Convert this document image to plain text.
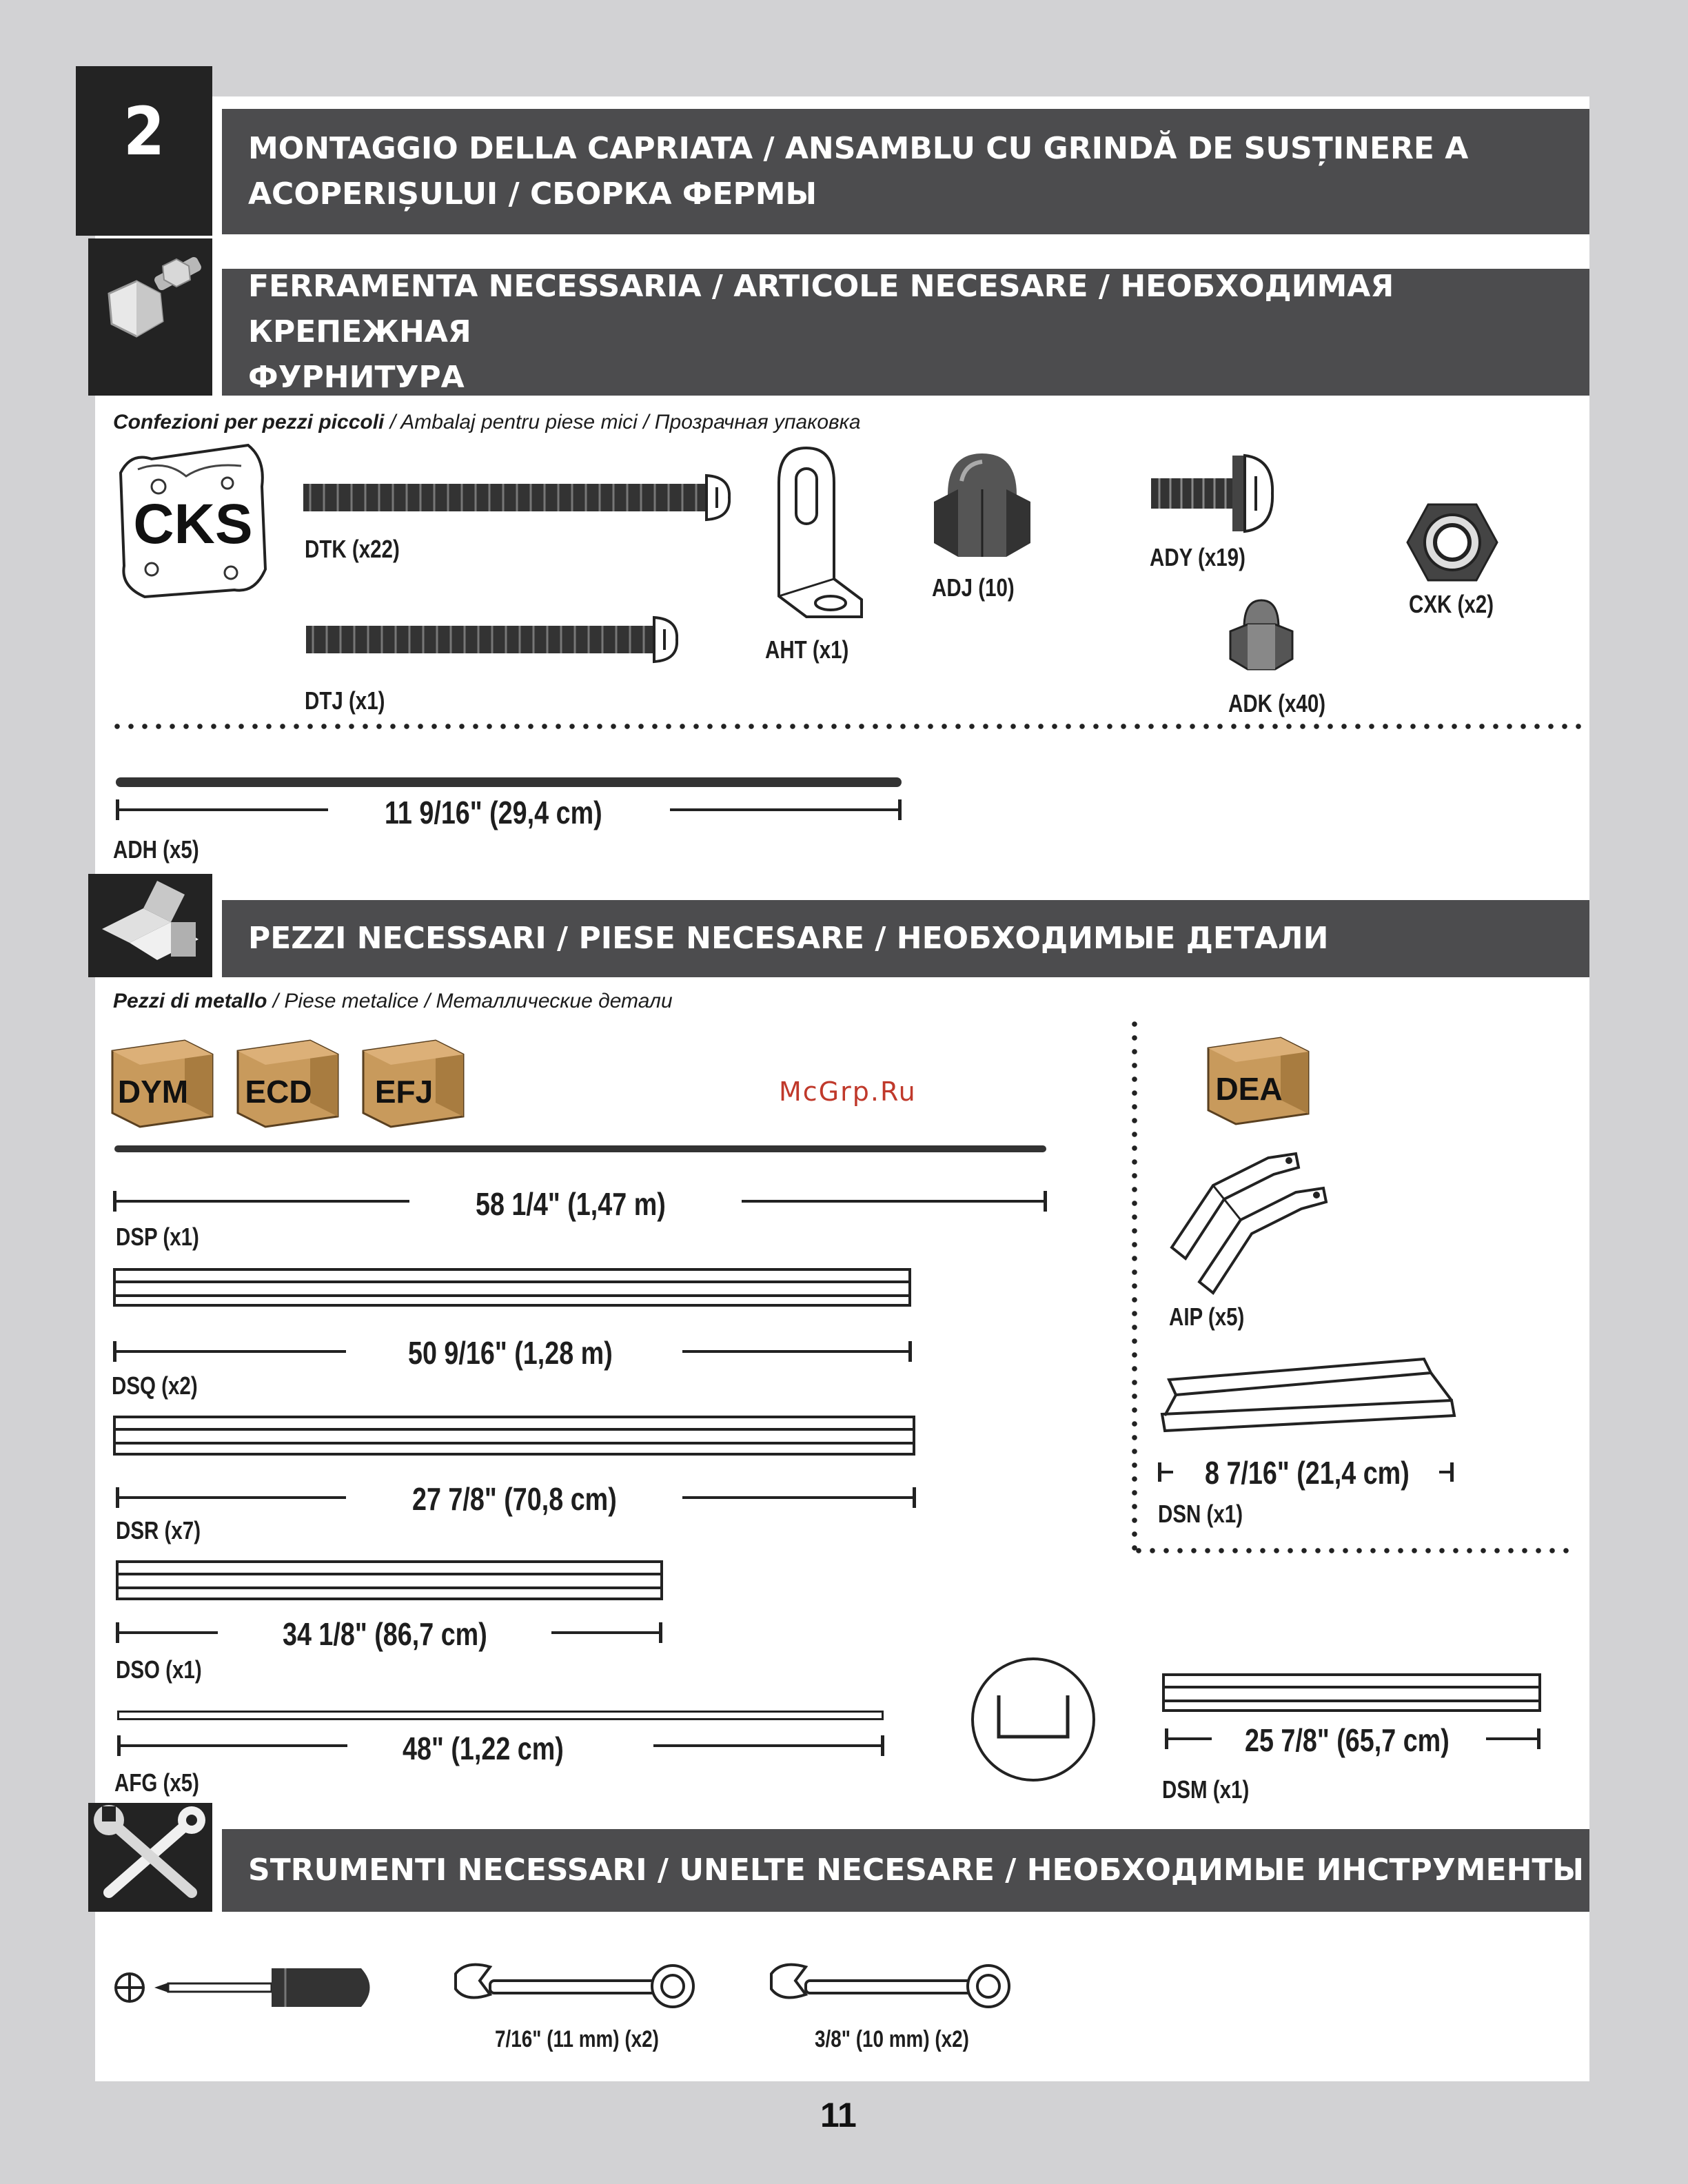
2	MONTAGGIO DELLA CAPRIATA / ANSAMBLU CU GRINDĂ DE SUSȚINERE A
ACOPERIȘULUI / СБОРКА ФЕРМЫ
FERRAMENTA NECESSARIA / ARTICOLE NECESARE / НЕОБХОДИМАЯ КРЕПЕЖНАЯ
ФУРНИТУРА
Confezioni per pezzi piccoli / Ambalaj pentru piese mici / Прозрачная упаковка
CKS DTK (x22)
DTJ (x1)
AHT (x1)
ADJ (10)
ADY (x19)
ADK (x40)
CXK (x2)
11 9/16" (29,4 cm)
ADH (x5)
PEZZI NECESSARI / PIESE NECESARE / НЕОБХОДИМЫЕ ДЕТАЛИ
Pezzi di metallo / Piese metalice / Металлические детали
DYM ECD EFJ	DEA
McGrp.Ru
58 1/4" (1,47 m)
DSP (x1)
50 9/16" (1,28 m)
DSQ (x2)
27 7/8" (70,8 cm)
DSR (x7)
34 1/8" (86,7 cm)
DSO (x1)
48" (1,22 cm)
AFG (x5)
AIP (x5)
8 7/16" (21,4 cm)
DSN (x1)
25 7/8" (65,7 cm)
DSM (x1)
STRUMENTI NECESSARI / UNELTE NECESARE / НЕОБХОДИМЫЕ ИНСТРУМЕНТЫ
7/16" (11 mm) (x2)	3/8" (10 mm) (x2)
11
